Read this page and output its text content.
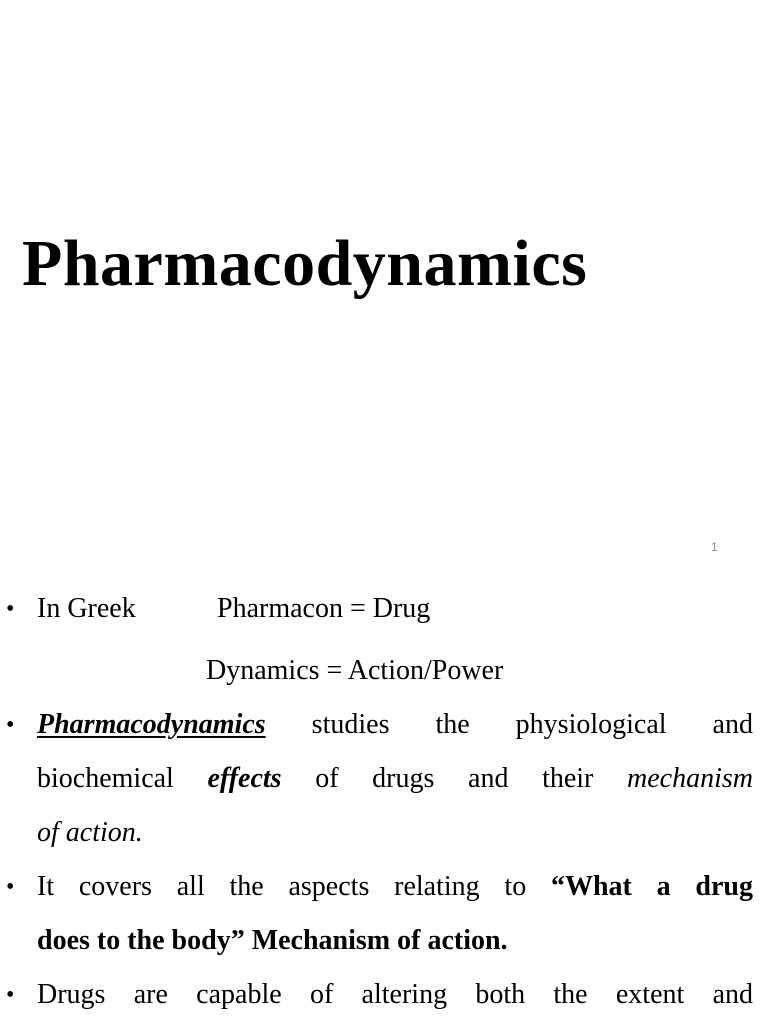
Pharmacodynamics
1
• In Greek	Pharmacon = Drug
Dynamics = Action/Power
• Pharmacodynamics studies the physiological and
biochemical effects of drugs and their mechanism
of action.
• It covers all the aspects relating to “What a drug
does to the body” Mechanism of action.
• Drugs are capable of altering both the extent and
